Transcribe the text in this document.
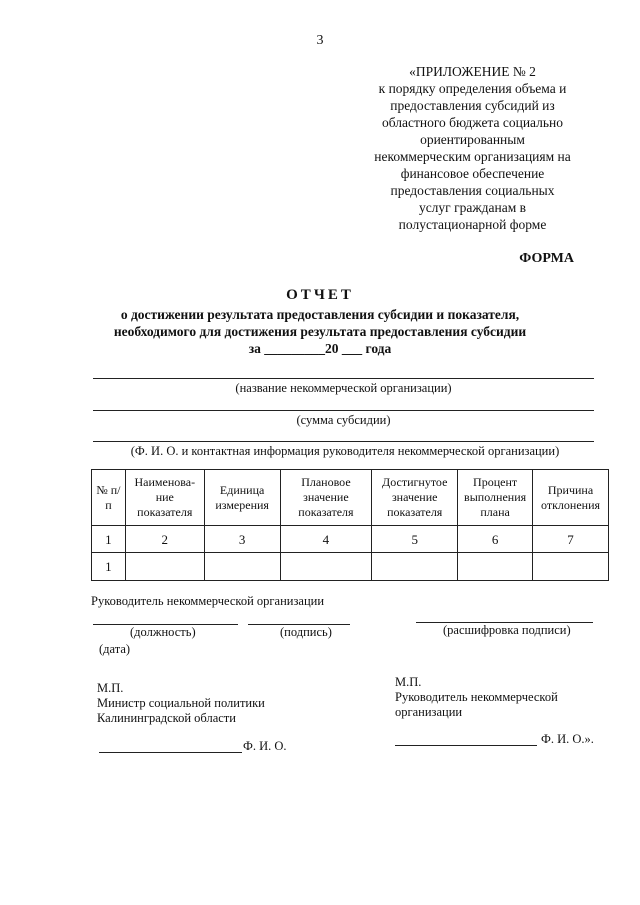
3
«ПРИЛОЖЕНИЕ № 2
к порядку определения объема и
предоставления субсидий из
областного бюджета социально
ориентированным
некоммерческим организациям на
финансовое обеспечение
предоставления социальных
услуг гражданам в
полустационарной форме
ФОРМА
ОТЧЕТ
о достижении результата предоставления субсидии и показателя,
необходимого для достижения результата предоставления субсидии
за _________20 ___ года
(название некоммерческой организации)
(сумма субсидии)
(Ф. И. О. и контактная информация руководителя некоммерческой организации)
№ п/п	Наименова-ние показателя	Единица измерения	Плановое значение показателя	Достигнутое значение показателя	Процент выполнения плана	Причина отклонения
1	2	3	4	5	6	7
1						
Руководитель некоммерческой организации
(должность)	(подпись)	(расшифровка подписи)
(дата)
М.П.
Министр социальной политики
Калининградской области
Ф. И. О.
М.П.
Руководитель некоммерческой
организации
Ф. И. О.».
